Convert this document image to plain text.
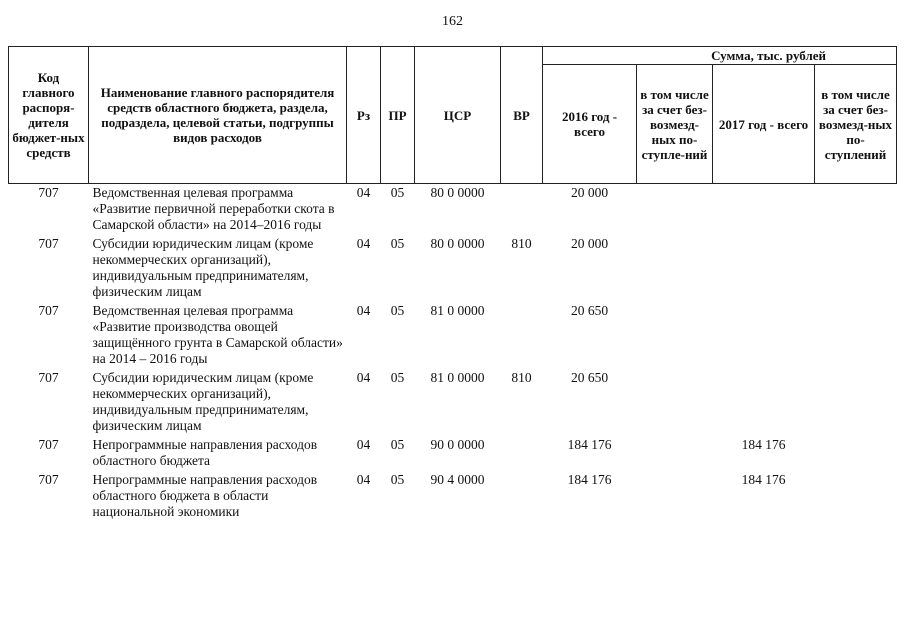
162
Код главного распоря-дителя бюджет-ных средств	Наименование главного распорядителя средств областного бюджета, раздела, подраздела, целевой статьи, подгруппы видов расходов	Рз	ПР	ЦСР	ВР	Сумма, тыс. рублей			
						2016 год - всего	в том числе за счет без-возмезд-ных по-ступле-ний	2017 год - всего	в том числе за счет без-возмезд-ных по-ступлений
707	Ведомственная целевая программа «Развитие первичной переработки скота в Самарской области» на 2014–2016 годы	04	05	80 0 0000		20 000			
707	Субсидии юридическим лицам (кроме некоммерческих организаций), индивидуальным предпринимателям, физическим лицам	04	05	80 0 0000	810	20 000			
707	Ведомственная целевая программа «Развитие производства овощей защищённого грунта в Самарской области» на 2014 – 2016 годы	04	05	81 0 0000		20 650			
707	Субсидии юридическим лицам (кроме некоммерческих организаций), индивидуальным предпринимателям, физическим лицам	04	05	81 0 0000	810	20 650			
707	Непрограммные направления расходов областного бюджета	04	05	90 0 0000		184 176		184 176	
707	Непрограммные направления расходов областного бюджета в области национальной экономики	04	05	90 4 0000		184 176		184 176	
